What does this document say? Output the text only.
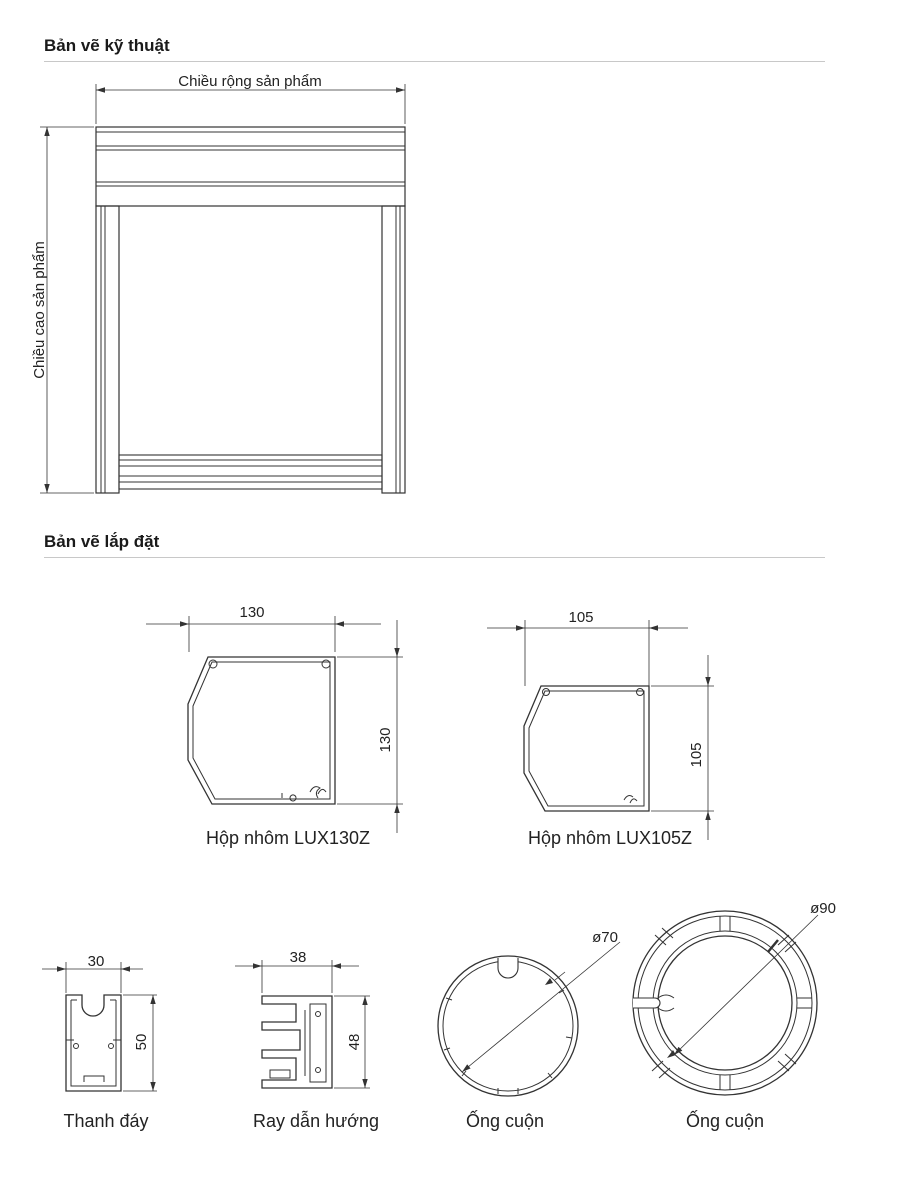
Bản vẽ kỹ thuật
Bản vẽ lắp đặt
Chiều rộng sản phẩm
Chiều cao sản phẩm
130
130
Hộp nhôm LUX130Z
105
105
Hộp nhôm LUX105Z
30
50
Thanh đáy
38
48
Ray dẫn hướng
ø70
Ống cuộn
ø90
Ống cuộn
